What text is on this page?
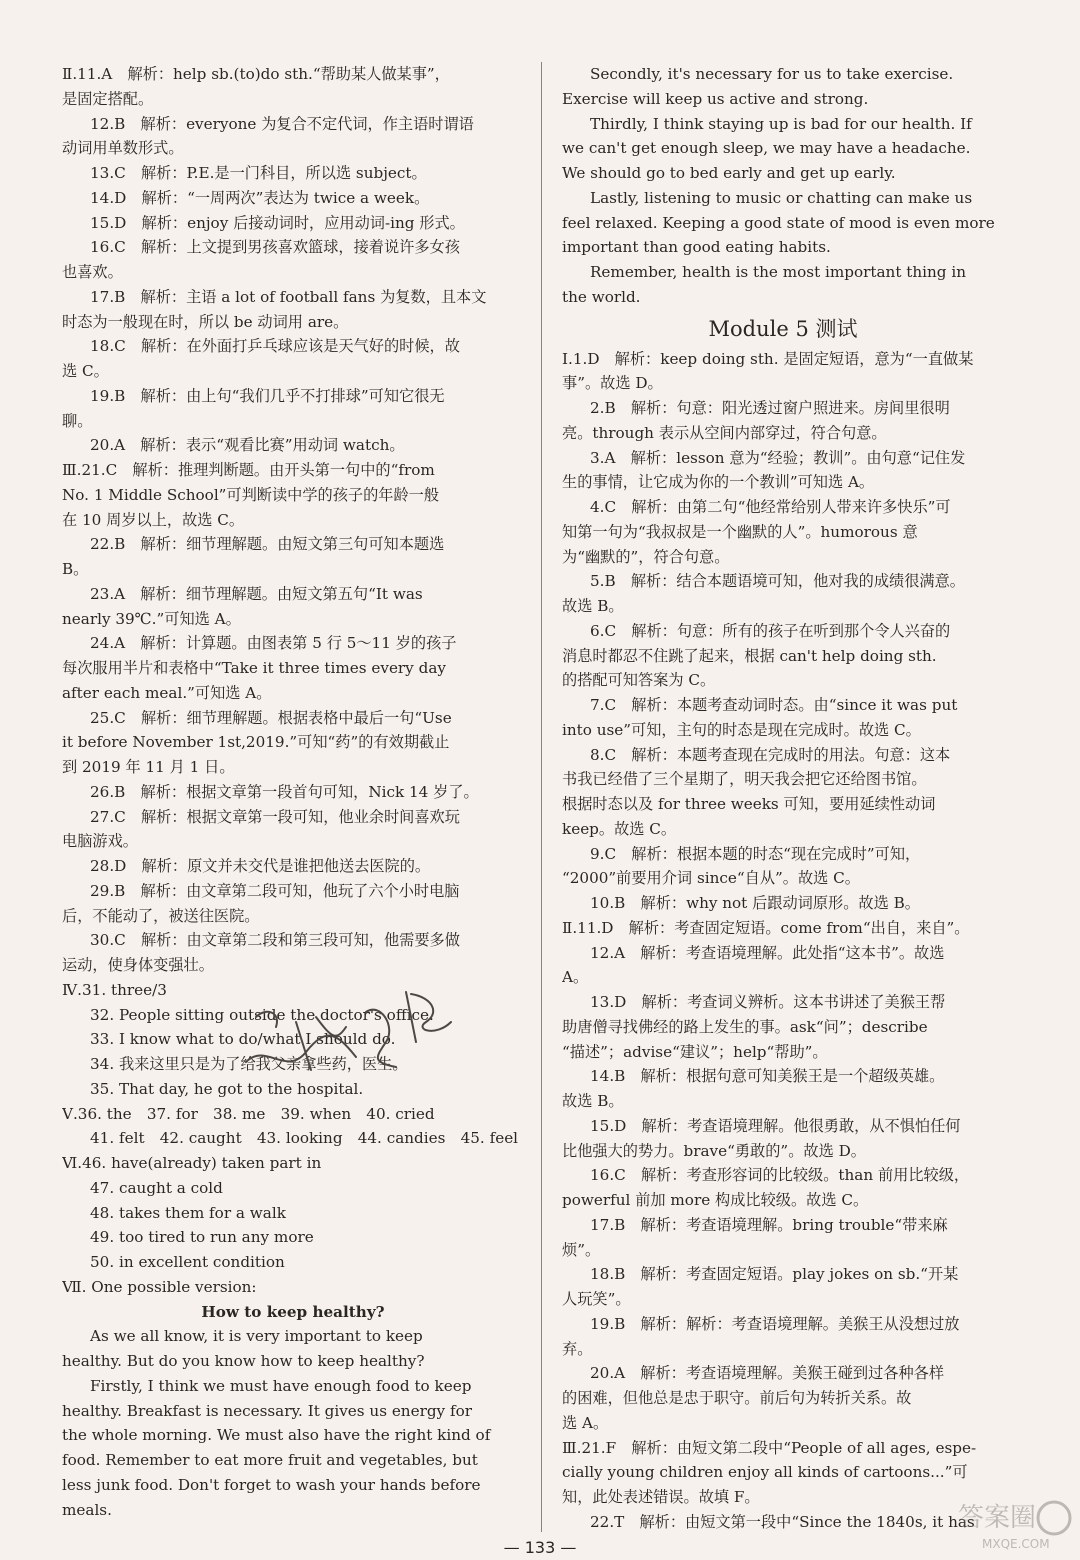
Ⅱ.11.A　解析：help sb.(to)do sth.“帮助某人做某事”，
是固定搭配。
12.B　解析：everyone 为复合不定代词，作主语时谓语
动词用单数形式。
13.C　解析：P.E.是一门科目，所以选 subject。
14.D　解析：“一周两次”表达为 twice a week。
15.D　解析：enjoy 后接动词时，应用动词-ing 形式。
16.C　解析：上文提到男孩喜欢篮球，接着说许多女孩
也喜欢。
17.B　解析：主语 a lot of football fans 为复数，且本文
时态为一般现在时，所以 be 动词用 are。
18.C　解析：在外面打乒乓球应该是天气好的时候，故
选 C。
19.B　解析：由上句“我们几乎不打排球”可知它很无
聊。
20.A　解析：表示“观看比赛”用动词 watch。
Ⅲ.21.C　解析：推理判断题。由开头第一句中的“from
No. 1 Middle School”可判断读中学的孩子的年龄一般
在 10 周岁以上，故选 C。
22.B　解析：细节理解题。由短文第三句可知本题选
B。
23.A　解析：细节理解题。由短文第五句“It was
nearly 39℃.”可知选 A。
24.A　解析：计算题。由图表第 5 行 5～11 岁的孩子
每次服用半片和表格中“Take it three times every day
after each meal.”可知选 A。
25.C　解析：细节理解题。根据表格中最后一句“Use
it before November 1st,2019.”可知“药”的有效期截止
到 2019 年 11 月 1 日。
26.B　解析：根据文章第一段首句可知，Nick 14 岁了。
27.C　解析：根据文章第一段可知，他业余时间喜欢玩
电脑游戏。
28.D　解析：原文并未交代是谁把他送去医院的。
29.B　解析：由文章第二段可知，他玩了六个小时电脑
后，不能动了，被送往医院。
30.C　解析：由文章第二段和第三段可知，他需要多做
运动，使身体变强壮。
Ⅳ.31. three/3
32. People sitting outside the doctor's office.
33. I know what to do/what I should do.
34. 我来这里只是为了给我父亲拿些药，医生。
35. That day, he got to the hospital.
Ⅴ.36. the　37. for　38. me　39. when　40. cried
41. felt　42. caught　43. looking　44. candies　45. feel
Ⅵ.46. have(already) taken part in
47. caught a cold
48. takes them for a walk
49. too tired to run any more
50. in excellent condition
Ⅶ. One possible version:
How to keep healthy?
As we all know, it is very important to keep
healthy. But do you know how to keep healthy?
Firstly, I think we must have enough food to keep
healthy. Breakfast is necessary. It gives us energy for
the whole morning. We must also have the right kind of
food. Remember to eat more fruit and vegetables, but
less junk food. Don't forget to wash your hands before
meals.
Secondly, it's necessary for us to take exercise.
Exercise will keep us active and strong.
Thirdly, I think staying up is bad for our health. If
we can't get enough sleep, we may have a headache.
We should go to bed early and get up early.
Lastly, listening to music or chatting can make us
feel relaxed. Keeping a good state of mood is even more
important than good eating habits.
Remember, health is the most important thing in
the world.
Module 5 测试
Ⅰ.1.D　解析：keep doing sth. 是固定短语，意为“一直做某
事”。故选 D。
2.B　解析：句意：阳光透过窗户照进来。房间里很明
亮。through 表示从空间内部穿过，符合句意。
3.A　解析：lesson 意为“经验；教训”。由句意“记住发
生的事情，让它成为你的一个教训”可知选 A。
4.C　解析：由第二句“他经常给别人带来许多快乐”可
知第一句为“我叔叔是一个幽默的人”。humorous 意
为“幽默的”，符合句意。
5.B　解析：结合本题语境可知，他对我的成绩很满意。
故选 B。
6.C　解析：句意：所有的孩子在听到那个令人兴奋的
消息时都忍不住跳了起来，根据 can't help doing sth.
的搭配可知答案为 C。
7.C　解析：本题考查动词时态。由“since it was put
into use”可知，主句的时态是现在完成时。故选 C。
8.C　解析：本题考查现在完成时的用法。句意：这本
书我已经借了三个星期了，明天我会把它还给图书馆。
根据时态以及 for three weeks 可知，要用延续性动词
keep。故选 C。
9.C　解析：根据本题的时态“现在完成时”可知，
“2000”前要用介词 since“自从”。故选 C。
10.B　解析：why not 后跟动词原形。故选 B。
Ⅱ.11.D　解析：考查固定短语。come from“出自，来自”。
12.A　解析：考查语境理解。此处指“这本书”。故选
A。
13.D　解析：考查词义辨析。这本书讲述了美猴王帮
助唐僧寻找佛经的路上发生的事。ask“问”；describe
“描述”；advise“建议”；help“帮助”。
14.B　解析：根据句意可知美猴王是一个超级英雄。
故选 B。
15.D　解析：考查语境理解。他很勇敢，从不惧怕任何
比他强大的势力。brave“勇敢的”。故选 D。
16.C　解析：考查形容词的比较级。than 前用比较级，
powerful 前加 more 构成比较级。故选 C。
17.B　解析：考查语境理解。bring trouble“带来麻
烦”。
18.B　解析：考查固定短语。play jokes on sb.“开某
人玩笑”。
19.B　解析：解析：考查语境理解。美猴王从没想过放
弃。
20.A　解析：考查语境理解。美猴王碰到过各种各样
的困难，但他总是忠于职守。前后句为转折关系。故
选 A。
Ⅲ.21.F　解析：由短文第二段中“People of all ages, espe-
cially young children enjoy all kinds of cartoons...”可
知，此处表述错误。故填 F。
22.T　解析：由短文第一段中“Since the 1840s, it has
— 133 —
答案圈
MXQE.COM
